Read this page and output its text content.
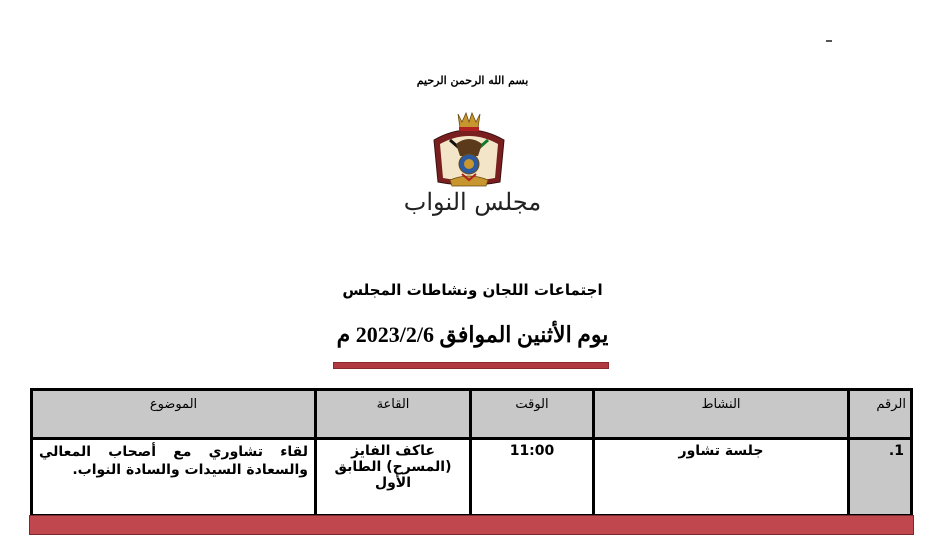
بسم الله الرحمن الرحيم
مجلس النواب
اجتماعات اللجان ونشاطات المجلس
يوم الأثنين الموافق 2023/2/6 م
الرقم	النشاط	الوقت	القاعة	الموضوع
1.	جلسة تشاور	11:00	عاكف الفايز (المسرح) الطابق الأول	لقاء تشاوري مع أصحاب المعالي والسعادة السيدات والسادة النواب.
